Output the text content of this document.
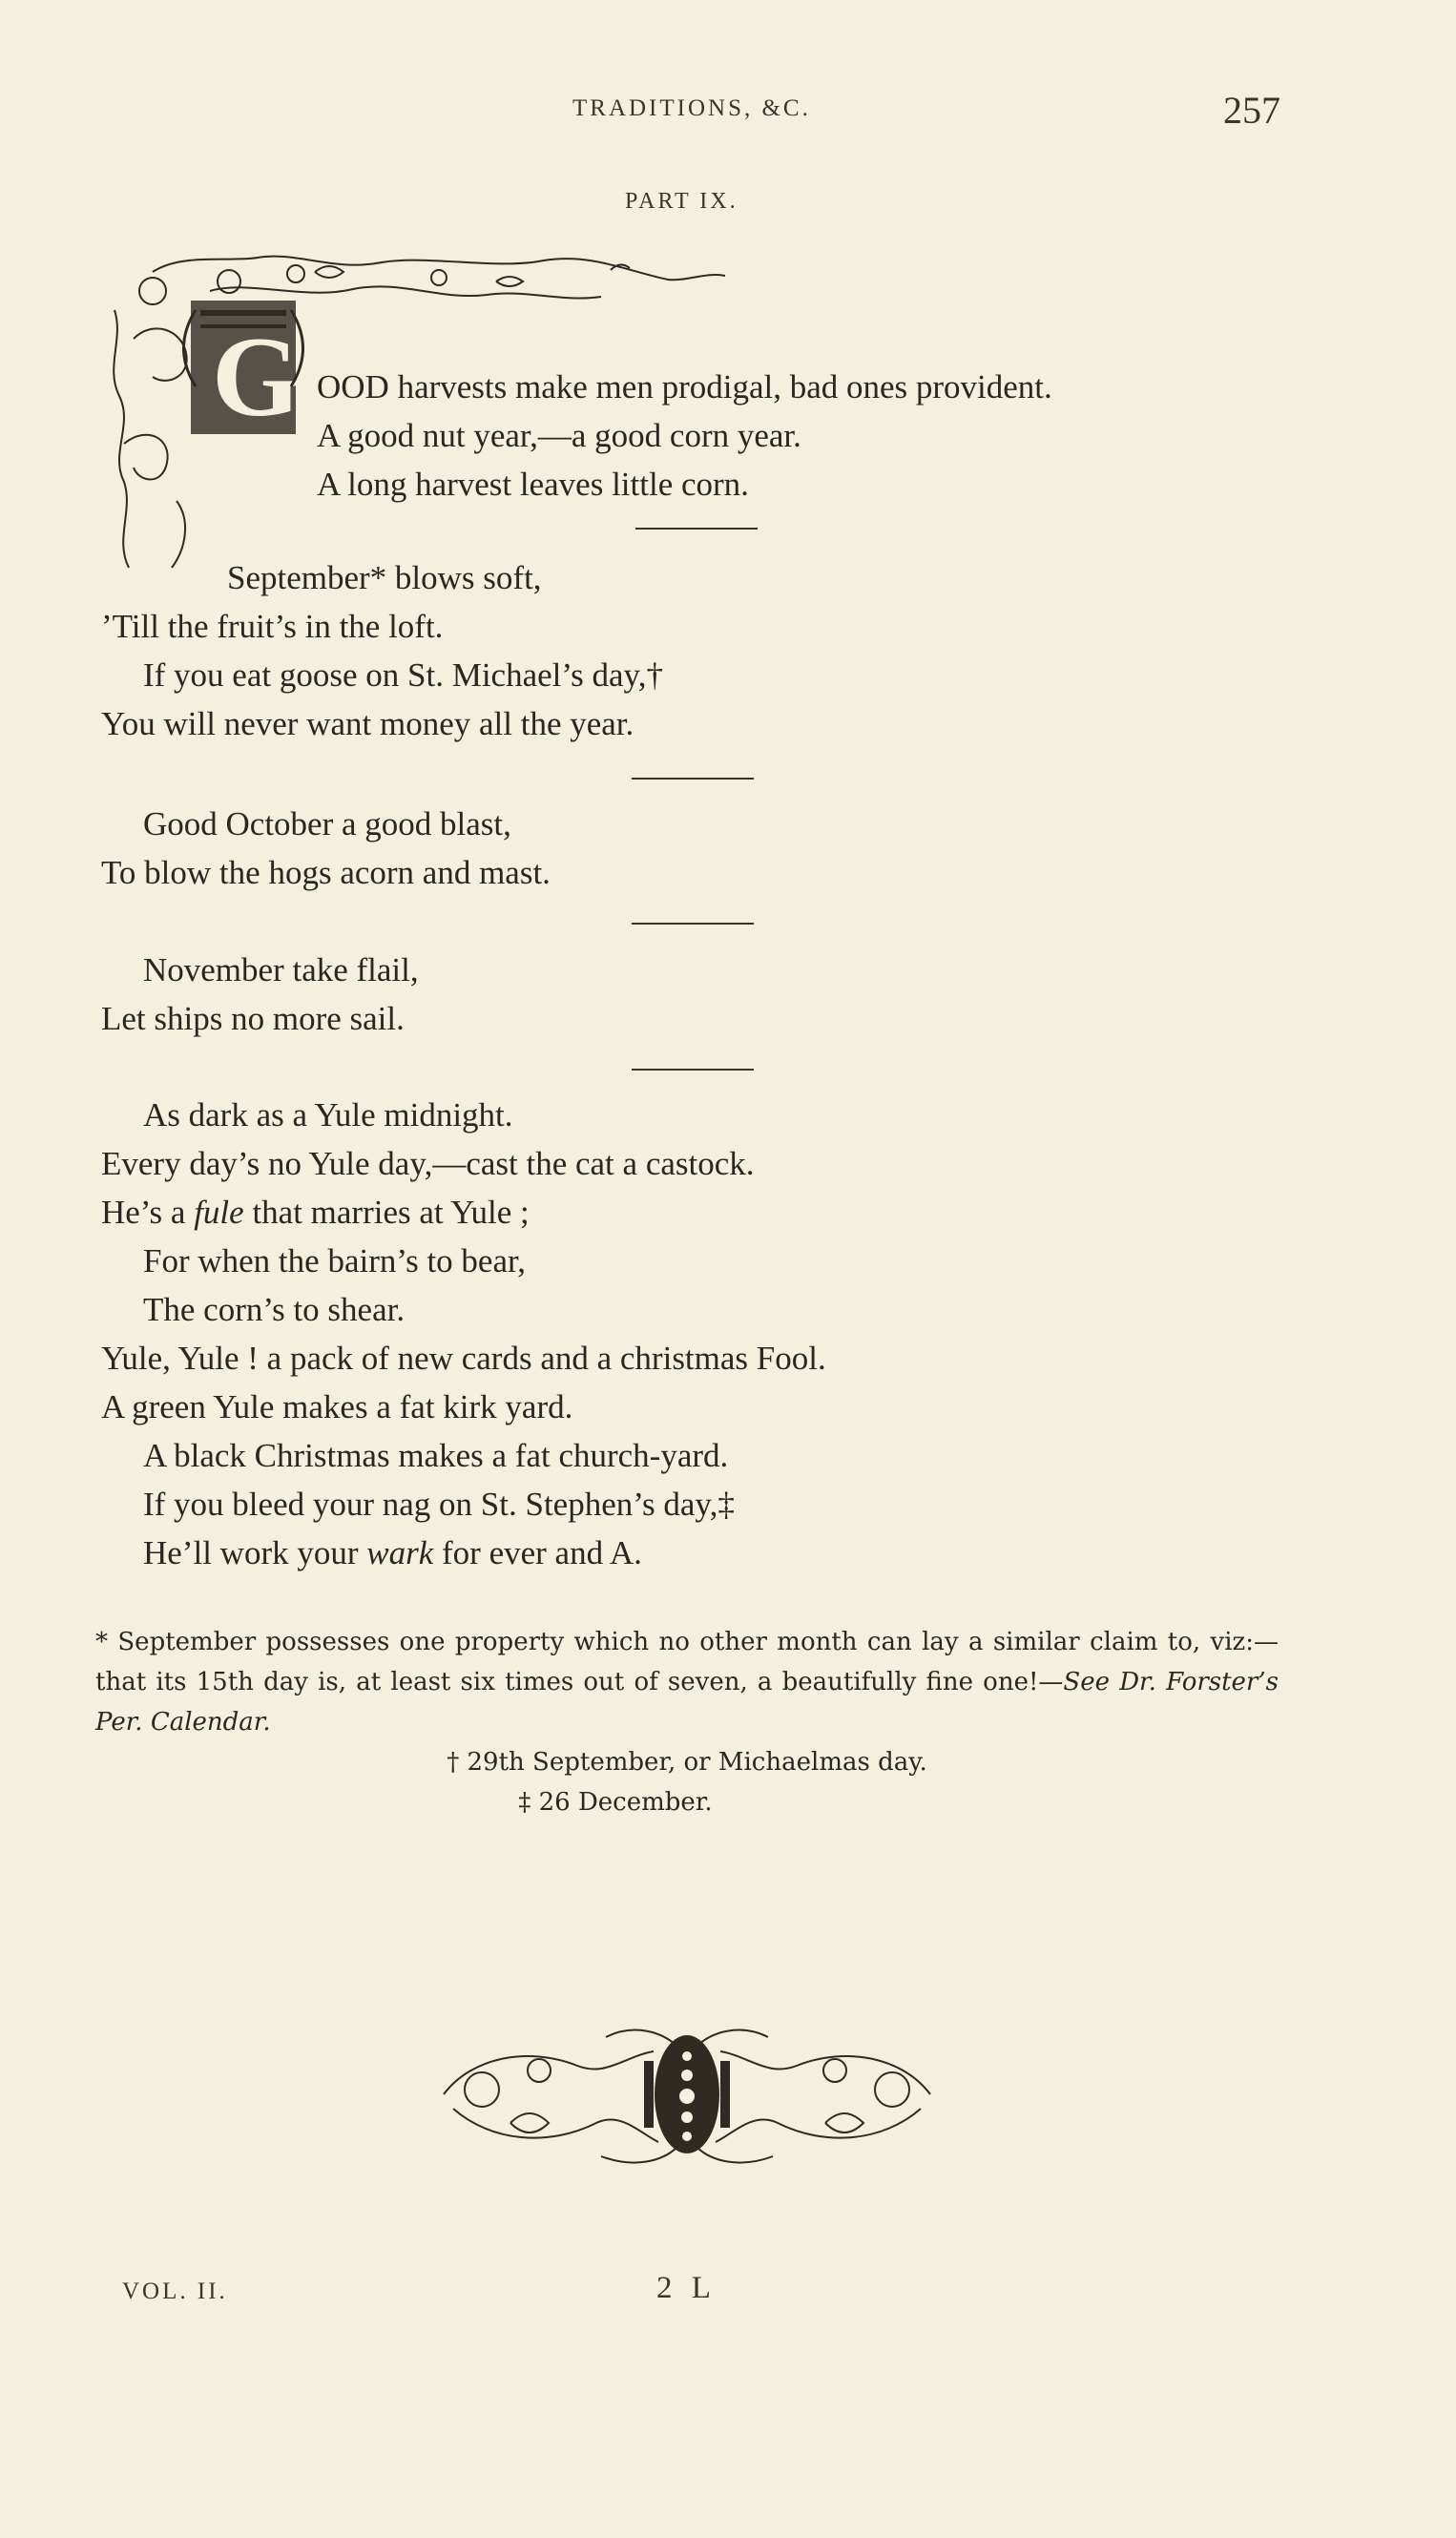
TRADITIONS, &C.	257
PART IX.
G OOD harvests make men prodigal, bad ones provident.
A good nut year,—a good corn year.
A long harvest leaves little corn.
September* blows soft,
’Till the fruit’s in the loft.
If you eat goose on St. Michael’s day,†
You will never want money all the year.
Good October a good blast,
To blow the hogs acorn and mast.
November take flail,
Let ships no more sail.
As dark as a Yule midnight.
Every day’s no Yule day,—cast the cat a castock.
He’s a fule that marries at Yule ;
For when the bairn’s to bear,
The corn’s to shear.
Yule, Yule ! a pack of new cards and a christmas Fool.
A green Yule makes a fat kirk yard.
A black Christmas makes a fat church-yard.
If you bleed your nag on St. Stephen’s day,‡
He’ll work your wark for ever and A.
* September possesses one property which no other month can lay a similar claim to, viz:—that its 15th day is, at least six times out of seven, a beautifully fine one!—See Dr. Forster’s Per. Calendar.
† 29th September, or Michaelmas day.
‡ 26 December.
VOL. II.	2 L
